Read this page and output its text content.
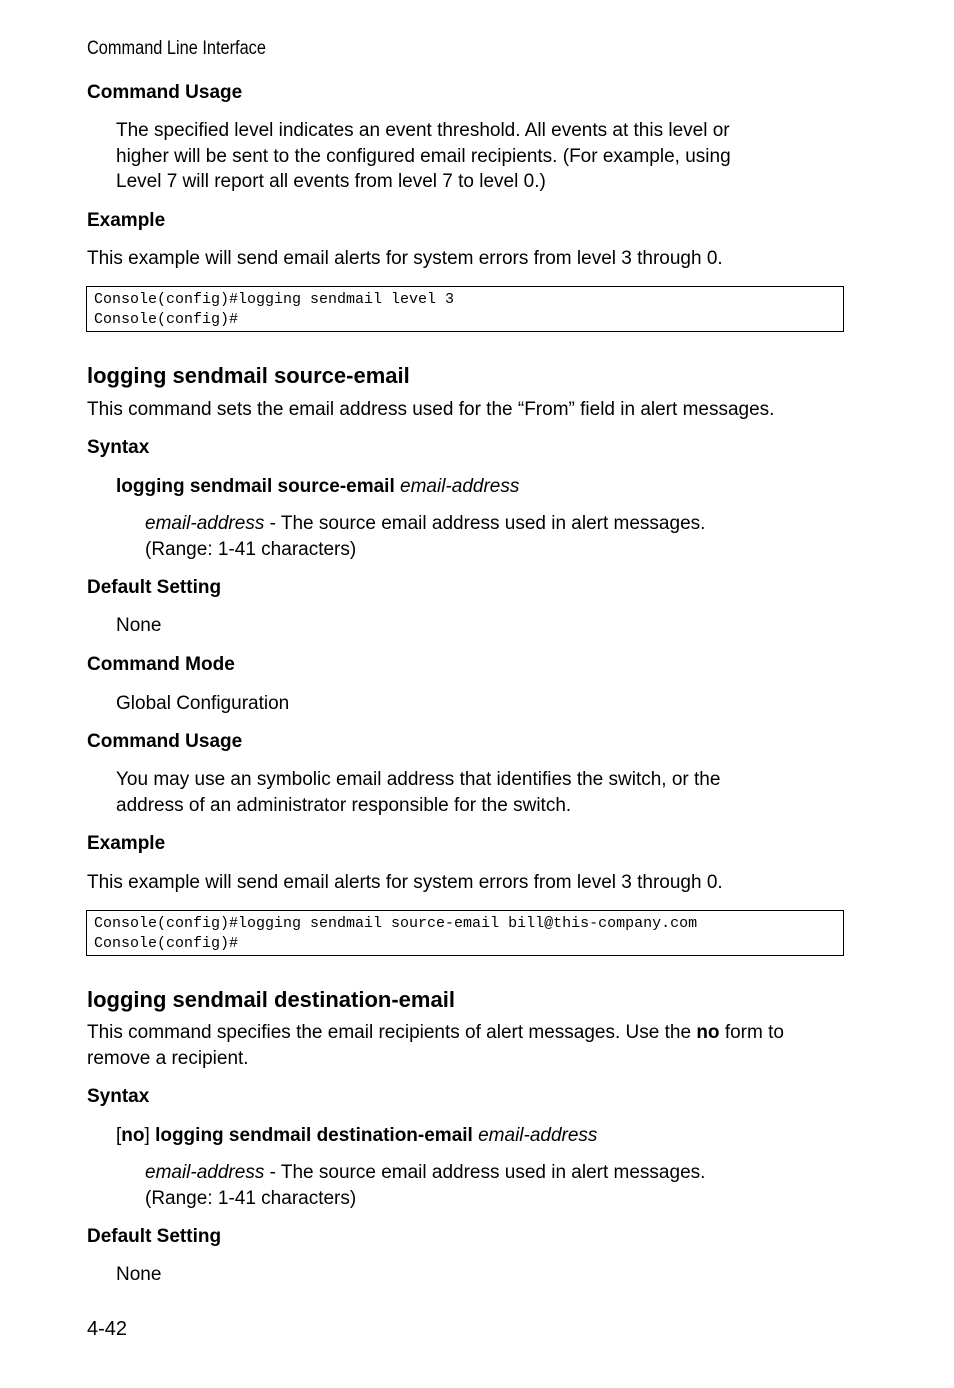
Command Line Interface
Command Usage
The specified level indicates an event threshold. All events at this level or
higher will be sent to the configured email recipients. (For example, using
Level 7 will report all events from level 7 to level 0.)
Example
This example will send email alerts for system errors from level 3 through 0.
Console(config)#logging sendmail level 3
Console(config)#
logging sendmail source-email
This command sets the email address used for the “From” field in alert messages.
Syntax
logging sendmail source-email email-address
email-address - The source email address used in alert messages.
(Range: 1-41 characters)
Default Setting
None
Command Mode
Global Configuration
Command Usage
You may use an symbolic email address that identifies the switch, or the
address of an administrator responsible for the switch.
Example
This example will send email alerts for system errors from level 3 through 0.
Console(config)#logging sendmail source-email bill@this-company.com
Console(config)#
logging sendmail destination-email
This command specifies the email recipients of alert messages. Use the no form to
remove a recipient.
Syntax
[no] logging sendmail destination-email email-address
email-address - The source email address used in alert messages.
(Range: 1-41 characters)
Default Setting
None
4-42
